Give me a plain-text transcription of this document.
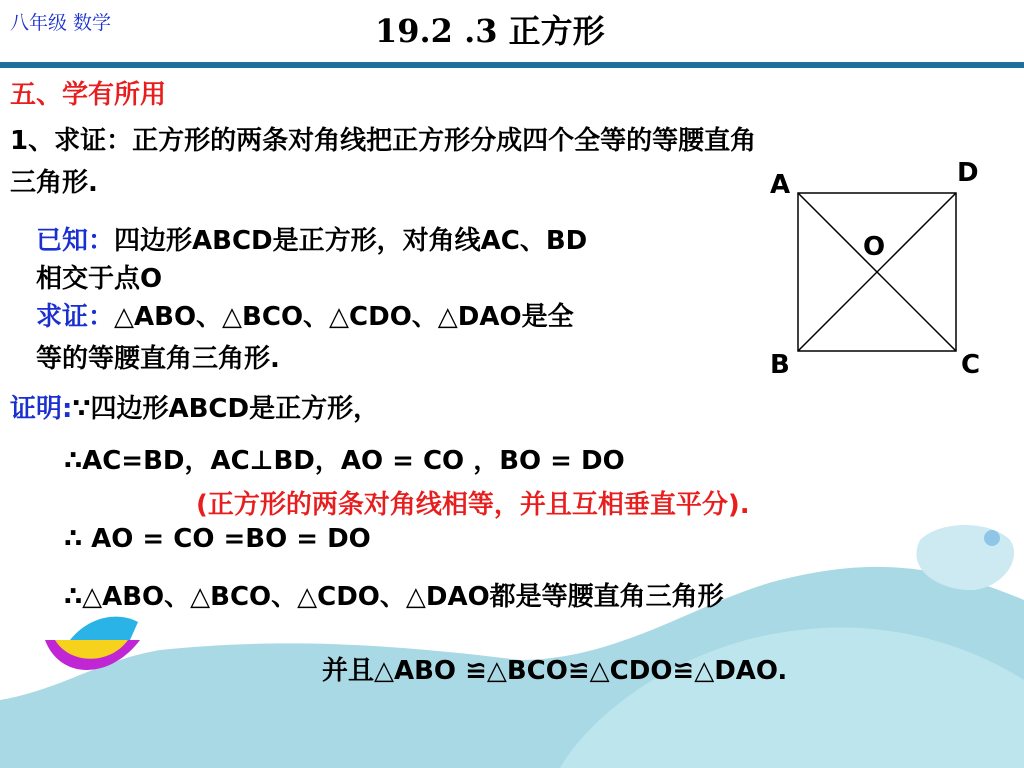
八年级 数学	19.2 .3 正方形
五、学有所用
1、求证：正方形的两条对角线把正方形分成四个全等的等腰直角
三角形.
已知：四边形ABCD是正方形，对角线AC、BD
相交于点O
求证：△ABO、△BCO、△CDO、△DAO是全
等的等腰直角三角形.
证明:∵四边形ABCD是正方形，
∴AC=BD，AC⊥BD，AO = CO ，BO = DO
(正方形的两条对角线相等，并且互相垂直平分).
∴ AO = CO =BO = DO
∴△ABO、△BCO、△CDO、△DAO都是等腰直角三角形
并且△ABO ≌△BCO≌△CDO≌△DAO.
A	D
O
B	C
